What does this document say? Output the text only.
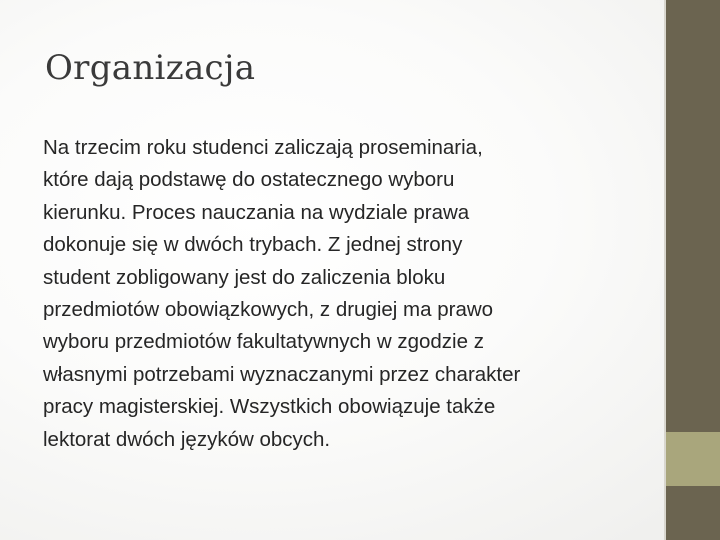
Organizacja

Na trzecim roku studenci zaliczają proseminaria,
które dają podstawę do ostatecznego wyboru
kierunku. Proces nauczania na wydziale prawa
dokonuje się w dwóch trybach. Z jednej strony
student zobligowany jest do zaliczenia bloku
przedmiotów obowiązkowych, z drugiej ma prawo
wyboru przedmiotów fakultatywnych w zgodzie z
własnymi potrzebami wyznaczanymi przez charakter
pracy magisterskiej. Wszystkich obowiązuje także
lektorat dwóch języków obcych.
